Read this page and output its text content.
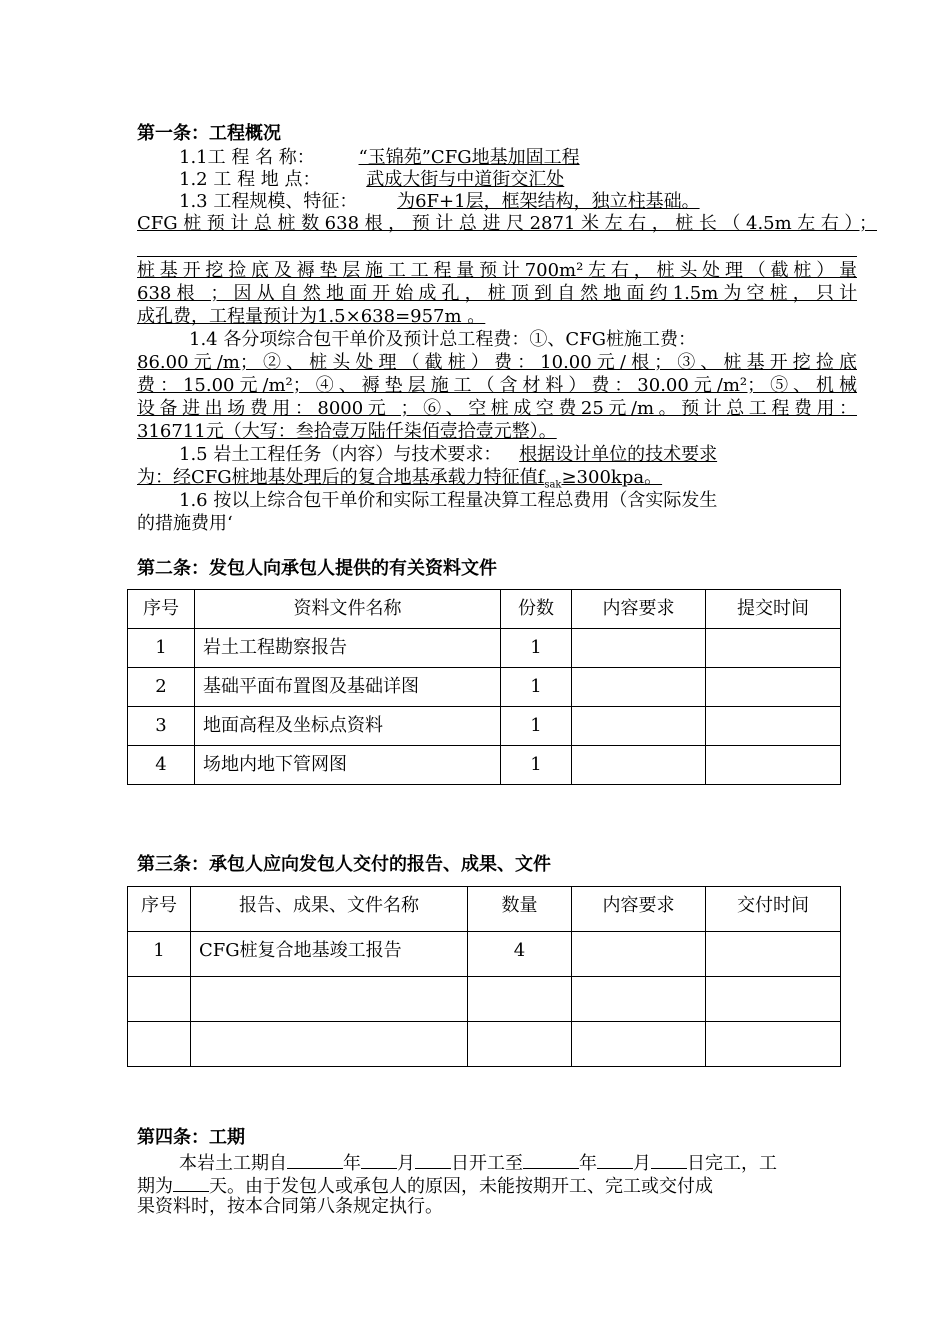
第一条：工程概况
1.1工 程 名 称： “玉锦苑”CFG地基加固工程
1.2 工 程 地 点：	武成大街与中道街交汇处
1.3 工程规模、特征： 为6F+1层，框架结构，独立柱基础。
CFG桩预计总桩数638根，预计总进尺2871米左右，桩长（4.5m左右）；
桩基开挖捡底及褥垫层施工工程量预计700m²左右，桩头处理（截桩）量
638根 ；因从自然地面开始成孔，桩顶到自然地面约1.5m为空桩，只计
成孔费，工程量预计为1.5×638=957m 。
1.4 各分项综合包干单价及预计总工程费：①、CFG桩施工费：
86.00元/m；②、桩头处理（截桩）费：10.00元/根；③、桩基开挖捡底
费：15.00元/m²；④、褥垫层施工（含材料）费：30.00元/m²；⑤、机械
设备进出场费用：8000元 ；⑥、空桩成空费25元/m。预计总工程费用：
316711元（大写：叁拾壹万陆仟柒佰壹拾壹元整）。
1.5 岩土工程任务（内容）与技术要求： 根据设计单位的技术要求
为：经CFG桩地基处理后的复合地基承载力特征值$f_{sak}\ge 300kpa$。
1.6 按以上综合包干单价和实际工程量决算工程总费用（含实际发生
的措施费用‘
第二条：发包人向承包人提供的有关资料文件
序号	资料文件名称	份数	内容要求	提交时间
1	岩土工程勘察报告	1		
2	基础平面布置图及基础详图	1		
3	地面高程及坐标点资料	1		
4	场地内地下管网图	1		
第三条：承包人应向发包人交付的报告、成果、文件
序号	报告、成果、文件名称	数量	内容要求	交付时间
1	CFG桩复合地基竣工报告	4		

第四条：工期
本岩土工期自	年 月 日开工至	年 月 日完工，工
期为 天。由于发包人或承包人的原因，未能按期开工、完工或交付成
果资料时，按本合同第八条规定执行。
